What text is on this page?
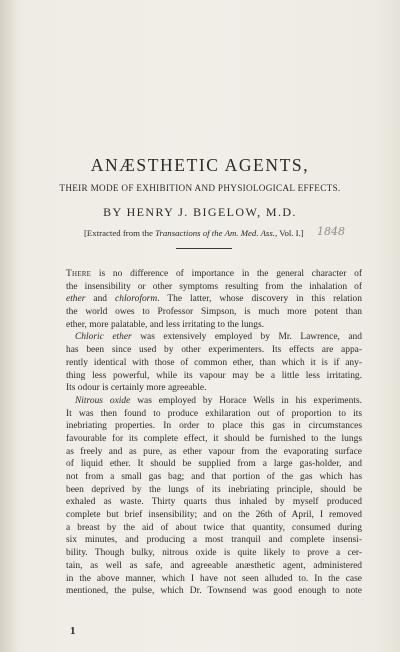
ANÆSTHETIC AGENTS,
THEIR MODE OF EXHIBITION AND PHYSIOLOGICAL EFFECTS.
BY HENRY J. BIGELOW, M.D.
[Extracted from the Transactions of the Am. Med. Ass., Vol. I.] 1848
There is no difference of importance in the general character of
the insensibility or other symptoms resulting from the inhalation of
ether and chloroform. The latter, whose discovery in this relation
the world owes to Professor Simpson, is much more potent than
ether, more palatable, and less irritating to the lungs.
Chloric ether was extensively employed by Mr. Lawrence, and
has been since used by other experimenters. Its effects are appa-
rently identical with those of common ether, than which it is if any-
thing less powerful, while its vapour may be a little less irritating.
Its odour is certainly more agreeable.
Nitrous oxide was employed by Horace Wells in his experiments.
It was then found to produce exhilaration out of proportion to its
inebriating properties. In order to place this gas in circumstances
favourable for its complete effect, it should be furnished to the lungs
as freely and as pure, as ether vapour from the evaporating surface
of liquid ether. It should be supplied from a large gas-holder, and
not from a small gas bag; and that portion of the gas which has
been deprived by the lungs of its inebriating principle, should be
exhaled as waste. Thirty quarts thus inhaled by myself produced
complete but brief insensibility; and on the 26th of April, I removed
a breast by the aid of about twice that quantity, consumed during
six minutes, and producing a most tranquil and complete insensi-
bility. Though bulky, nitrous oxide is quite likely to prove a cer-
tain, as well as safe, and agreeable anæsthetic agent, administered
in the above manner, which I have not seen alluded to. In the case
mentioned, the pulse, which Dr. Townsend was good enough to note
1
